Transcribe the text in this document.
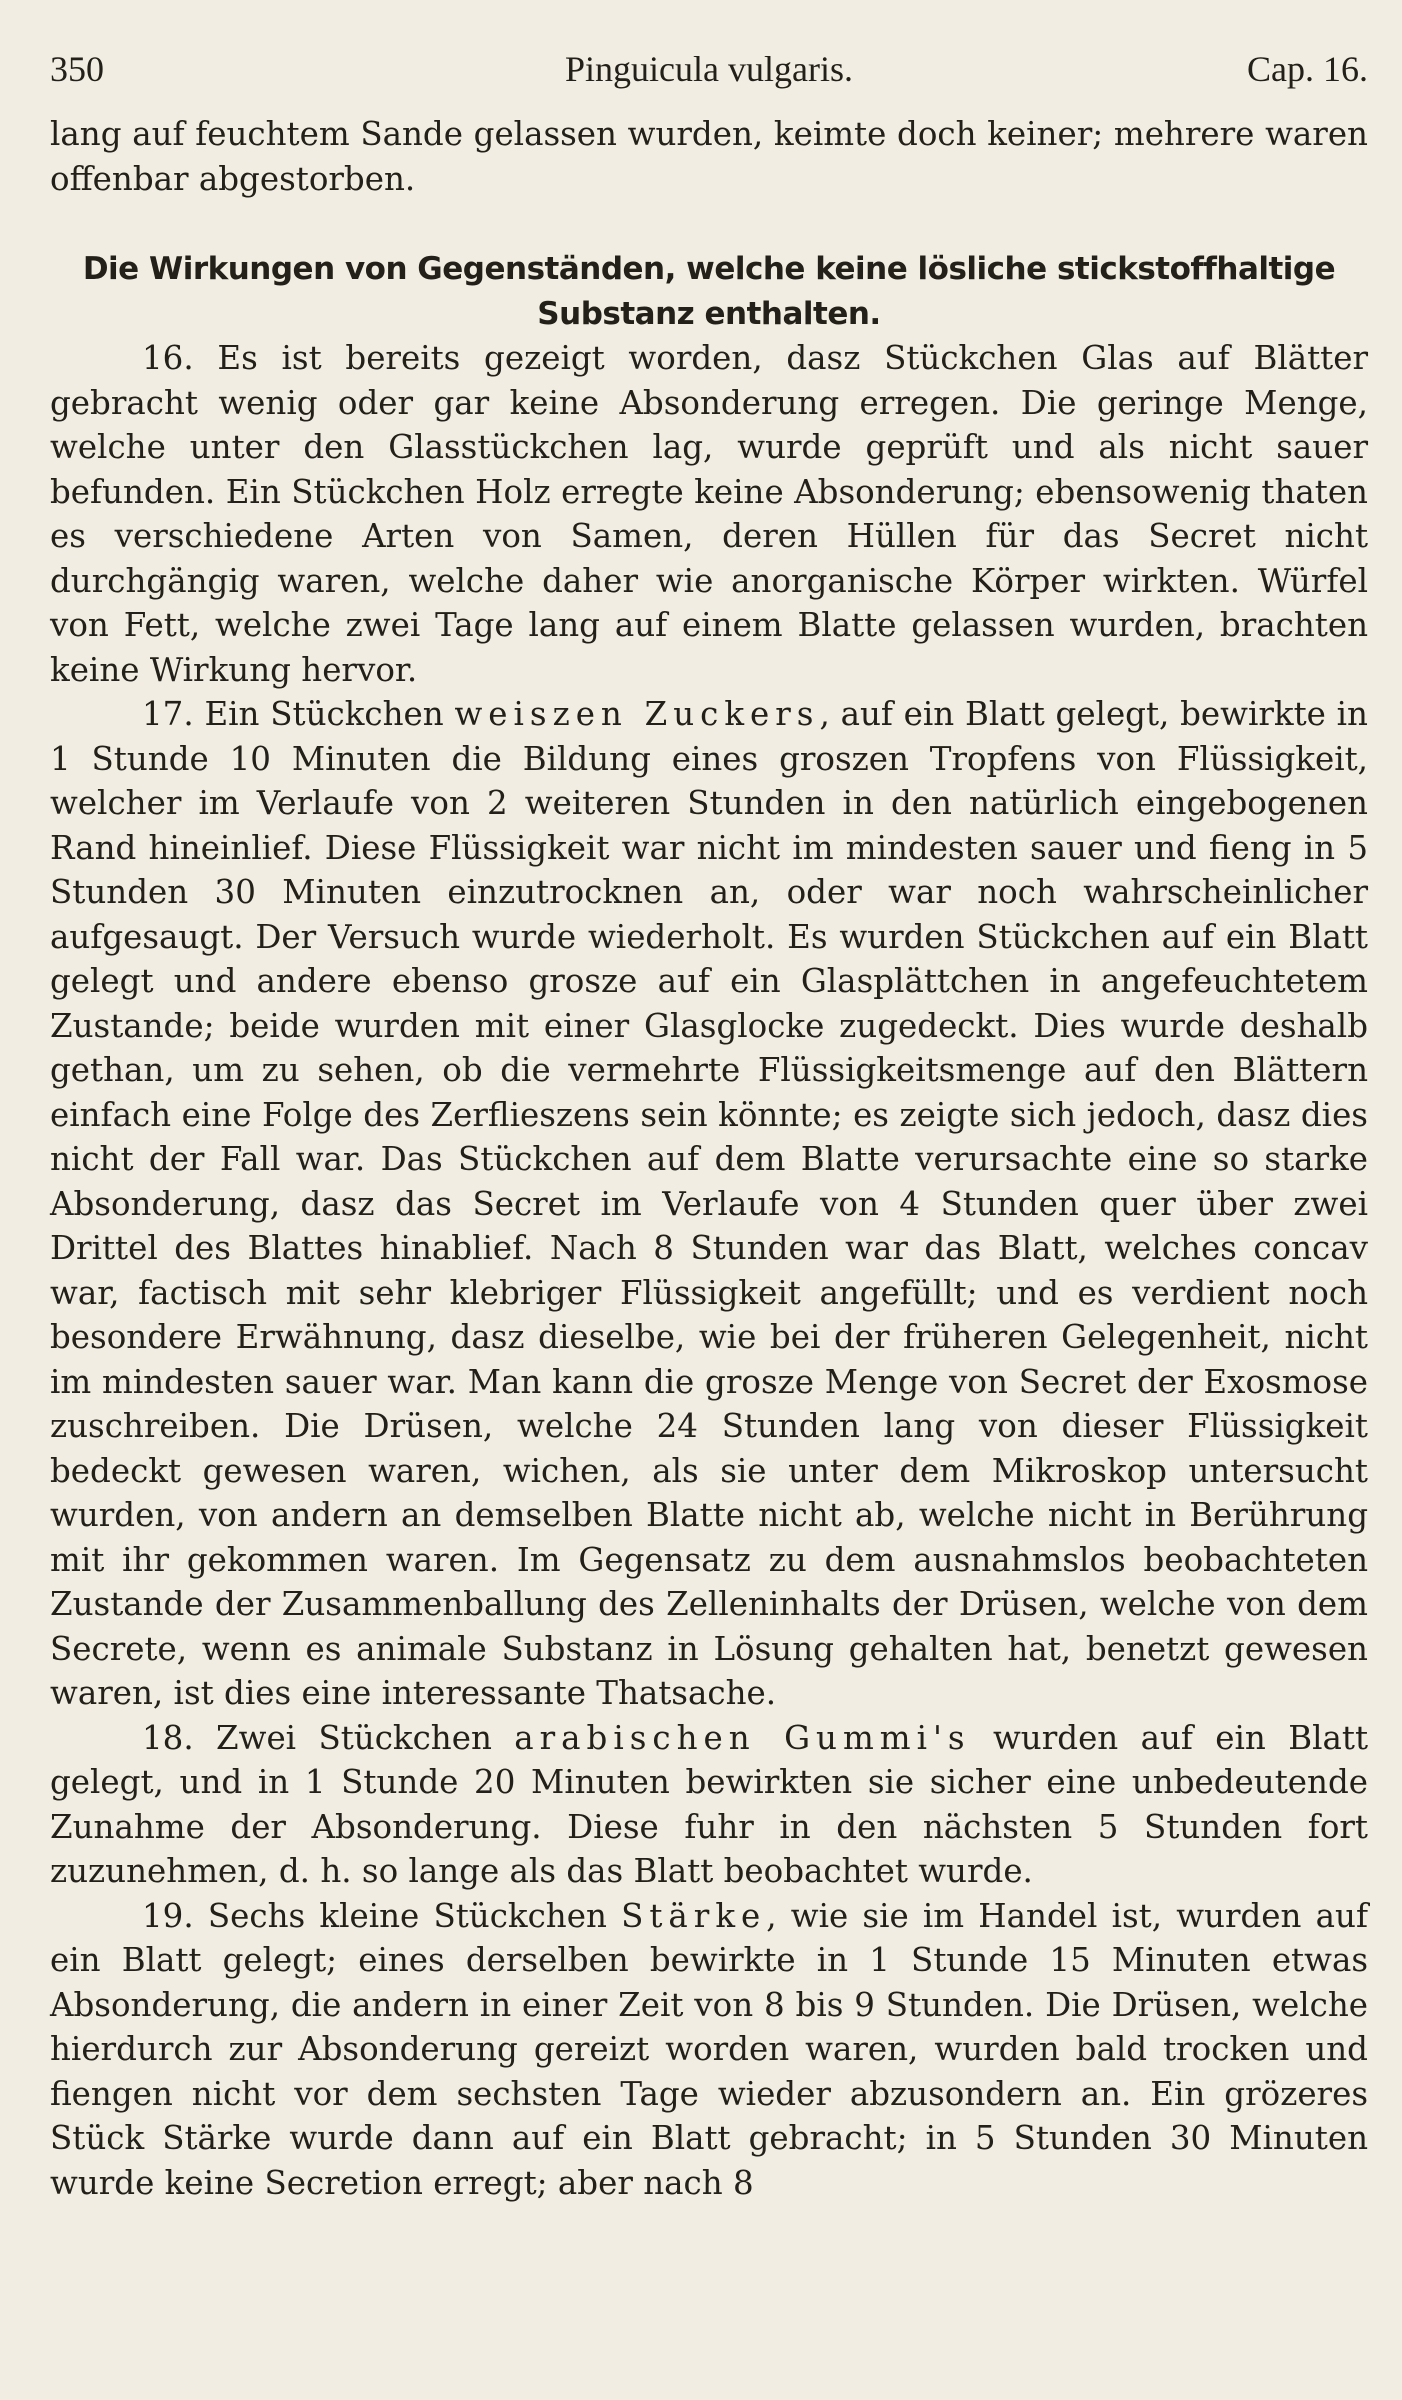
350	Pinguicula vulgaris.	Cap. 16.

lang auf feuchtem Sande gelassen wurden, keimte doch keiner; mehrere waren offenbar abgestorben.

Die Wirkungen von Gegenständen, welche keine lösliche stickstoffhaltige Substanz enthalten.

16. Es ist bereits gezeigt worden, dasz Stückchen Glas auf Blätter gebracht wenig oder gar keine Absonderung erregen. Die geringe Menge, welche unter den Glasstückchen lag, wurde geprüft und als nicht sauer befunden. Ein Stückchen Holz erregte keine Absonderung; ebensowenig thaten es verschiedene Arten von Samen, deren Hüllen für das Secret nicht durchgängig waren, welche daher wie anorganische Körper wirkten. Würfel von Fett, welche zwei Tage lang auf einem Blatte gelassen wurden, brachten keine Wirkung hervor.

17. Ein Stückchen weiszen Zuckers, auf ein Blatt gelegt, bewirkte in 1 Stunde 10 Minuten die Bildung eines groszen Tropfens von Flüssigkeit, welcher im Verlaufe von 2 weiteren Stunden in den natürlich eingebogenen Rand hineinlief. Diese Flüssigkeit war nicht im mindesten sauer und fieng in 5 Stunden 30 Minuten einzutrocknen an, oder war noch wahrscheinlicher aufgesaugt. Der Versuch wurde wiederholt. Es wurden Stückchen auf ein Blatt gelegt und andere ebenso grosze auf ein Glasplättchen in angefeuchtetem Zustande; beide wurden mit einer Glasglocke zugedeckt. Dies wurde deshalb gethan, um zu sehen, ob die vermehrte Flüssigkeitsmenge auf den Blättern einfach eine Folge des Zerflieszens sein könnte; es zeigte sich jedoch, dasz dies nicht der Fall war. Das Stückchen auf dem Blatte verursachte eine so starke Absonderung, dasz das Secret im Verlaufe von 4 Stunden quer über zwei Drittel des Blattes hinablief. Nach 8 Stunden war das Blatt, welches concav war, factisch mit sehr klebriger Flüssigkeit angefüllt; und es verdient noch besondere Erwähnung, dasz dieselbe, wie bei der früheren Gelegenheit, nicht im mindesten sauer war. Man kann die grosze Menge von Secret der Exosmose zuschreiben. Die Drüsen, welche 24 Stunden lang von dieser Flüssigkeit bedeckt gewesen waren, wichen, als sie unter dem Mikroskop untersucht wurden, von andern an demselben Blatte nicht ab, welche nicht in Berührung mit ihr gekommen waren. Im Gegensatz zu dem ausnahmslos beobachteten Zustande der Zusammenballung des Zelleninhalts der Drüsen, welche von dem Secrete, wenn es animale Substanz in Lösung gehalten hat, benetzt gewesen waren, ist dies eine interessante Thatsache.

18. Zwei Stückchen arabischen Gummi's wurden auf ein Blatt gelegt, und in 1 Stunde 20 Minuten bewirkten sie sicher eine unbedeutende Zunahme der Absonderung. Diese fuhr in den nächsten 5 Stunden fort zuzunehmen, d. h. so lange als das Blatt beobachtet wurde.

19. Sechs kleine Stückchen Stärke, wie sie im Handel ist, wurden auf ein Blatt gelegt; eines derselben bewirkte in 1 Stunde 15 Minuten etwas Absonderung, die andern in einer Zeit von 8 bis 9 Stunden. Die Drüsen, welche hierdurch zur Absonderung gereizt worden waren, wurden bald trocken und fiengen nicht vor dem sechsten Tage wieder abzusondern an. Ein grözeres Stück Stärke wurde dann auf ein Blatt gebracht; in 5 Stunden 30 Minuten wurde keine Secretion erregt; aber nach 8
